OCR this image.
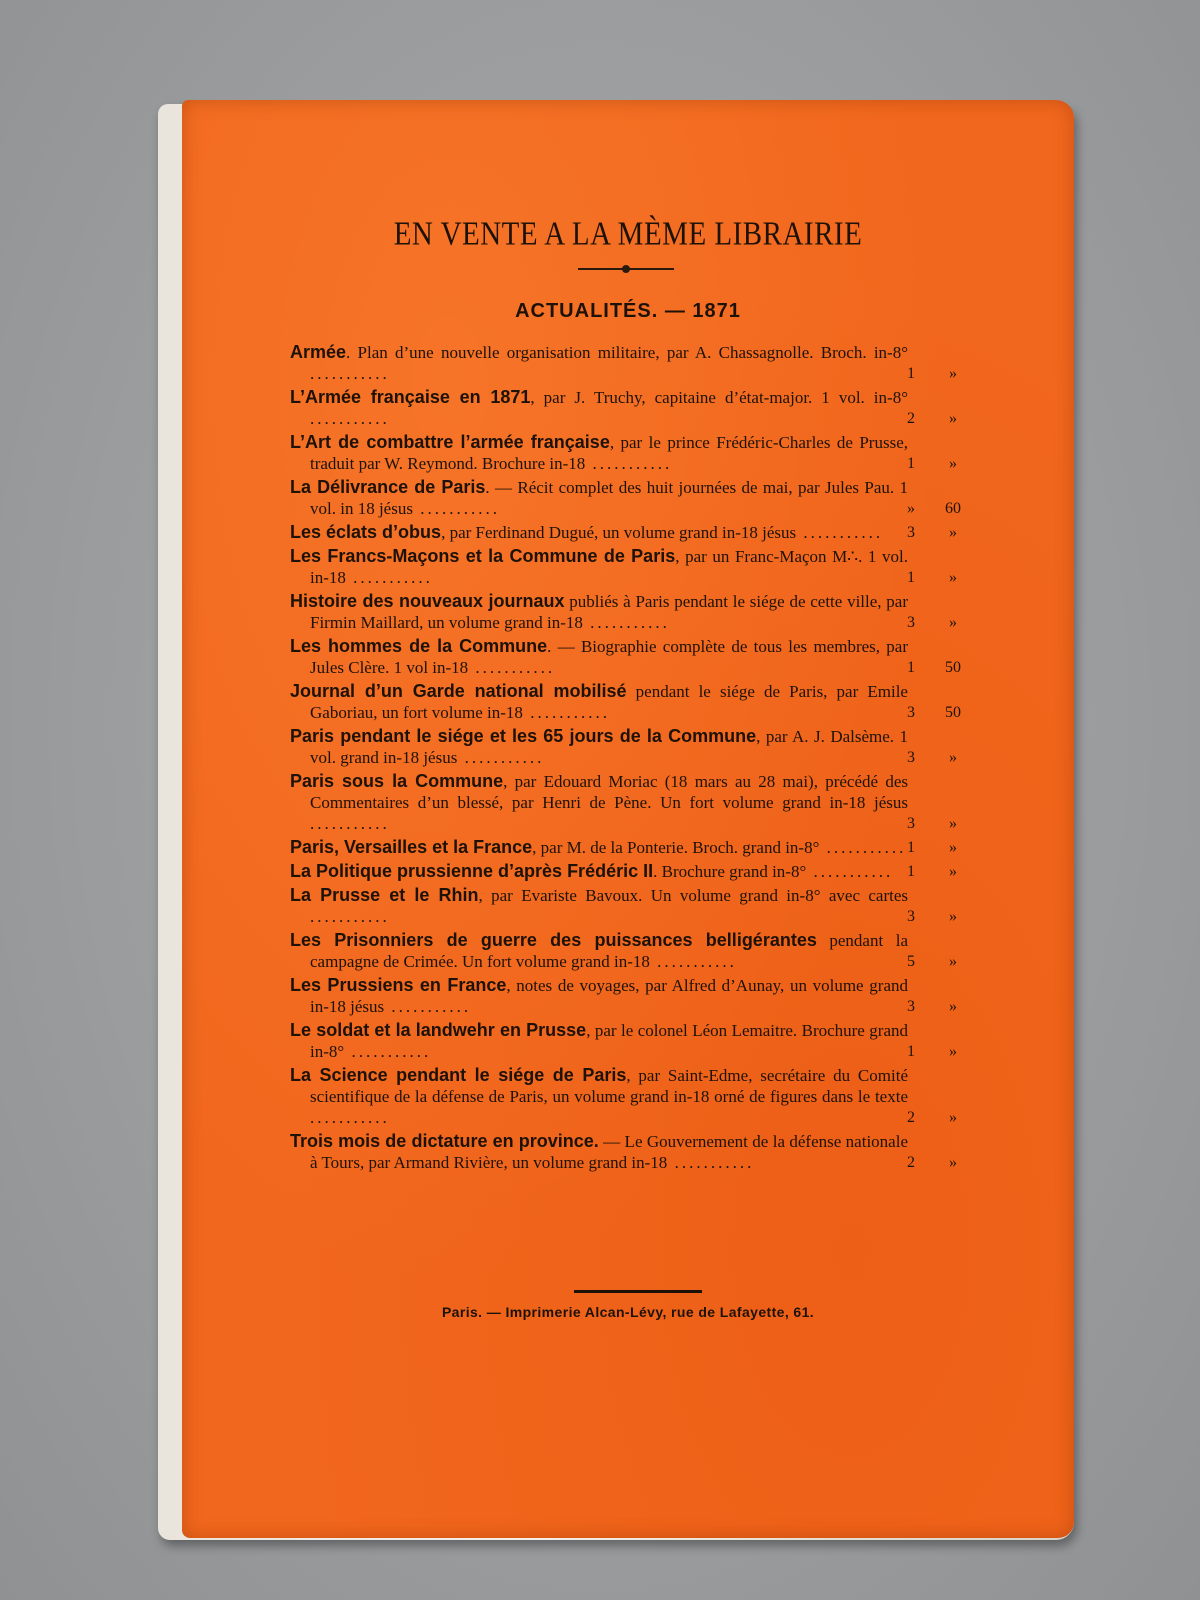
EN VENTE A LA MÈME LIBRAIRIE
ACTUALITÉS. — 1871
Armée. Plan d’une nouvelle organisation militaire, par A. Chassagnolle. Broch. in-8° ...........	1	»
L’Armée française en 1871, par J. Truchy, capitaine d’état-major. 1 vol. in-8° ...........	2	»
L’Art de combattre l’armée française, par le prince Frédéric-Charles de Prusse, traduit par W. Reymond. Brochure in-18 ...........	1	»
La Délivrance de Paris. — Récit complet des huit journées de mai, par Jules Pau. 1 vol. in 18 jésus ...........	»	60
Les éclats d’obus, par Ferdinand Dugué, un volume grand in-18 jésus ...........	3	»
Les Francs-Maçons et la Commune de Paris, par un Franc-Maçon M∴. 1 vol. in-18 ...........	1	»
Histoire des nouveaux journaux publiés à Paris pendant le siége de cette ville, par Firmin Maillard, un volume grand in-18 ...........	3	»
Les hommes de la Commune. — Biographie complète de tous les membres, par Jules Clère. 1 vol in-18 ...........	1	50
Journal d’un Garde national mobilisé pendant le siége de Paris, par Emile Gaboriau, un fort volume in-18 ...........	3	50
Paris pendant le siége et les 65 jours de la Commune, par A. J. Dalsème. 1 vol. grand in-18 jésus ...........	3	»
Paris sous la Commune, par Edouard Moriac (18 mars au 28 mai), précédé des Commentaires d’un blessé, par Henri de Pène. Un fort volume grand in-18 jésus ...........	3	»
Paris, Versailles et la France, par M. de la Ponterie. Broch. grand in-8° ........... 1	»
La Politique prussienne d’après Frédéric II. Brochure grand in-8° ........... 1	»
La Prusse et le Rhin, par Evariste Bavoux. Un volume grand in-8° avec cartes ...........	3	»
Les Prisonniers de guerre des puissances belligérantes pendant la campagne de Crimée. Un fort volume grand in-18 ...........	5	»
Les Prussiens en France, notes de voyages, par Alfred d’Aunay, un volume grand in-18 jésus ...........	3	»
Le soldat et la landwehr en Prusse, par le colonel Léon Lemaitre. Brochure grand in-8° ...........	1	»
La Science pendant le siége de Paris, par Saint-Edme, secrétaire du Comité scientifique de la défense de Paris, un volume grand in-18 orné de figures dans le texte ...........	2	»
Trois mois de dictature en province. — Le Gouvernement de la défense nationale à Tours, par Armand Rivière, un volume grand in-18 ...........	2	»
Paris. — Imprimerie Alcan-Lévy, rue de Lafayette, 61.
